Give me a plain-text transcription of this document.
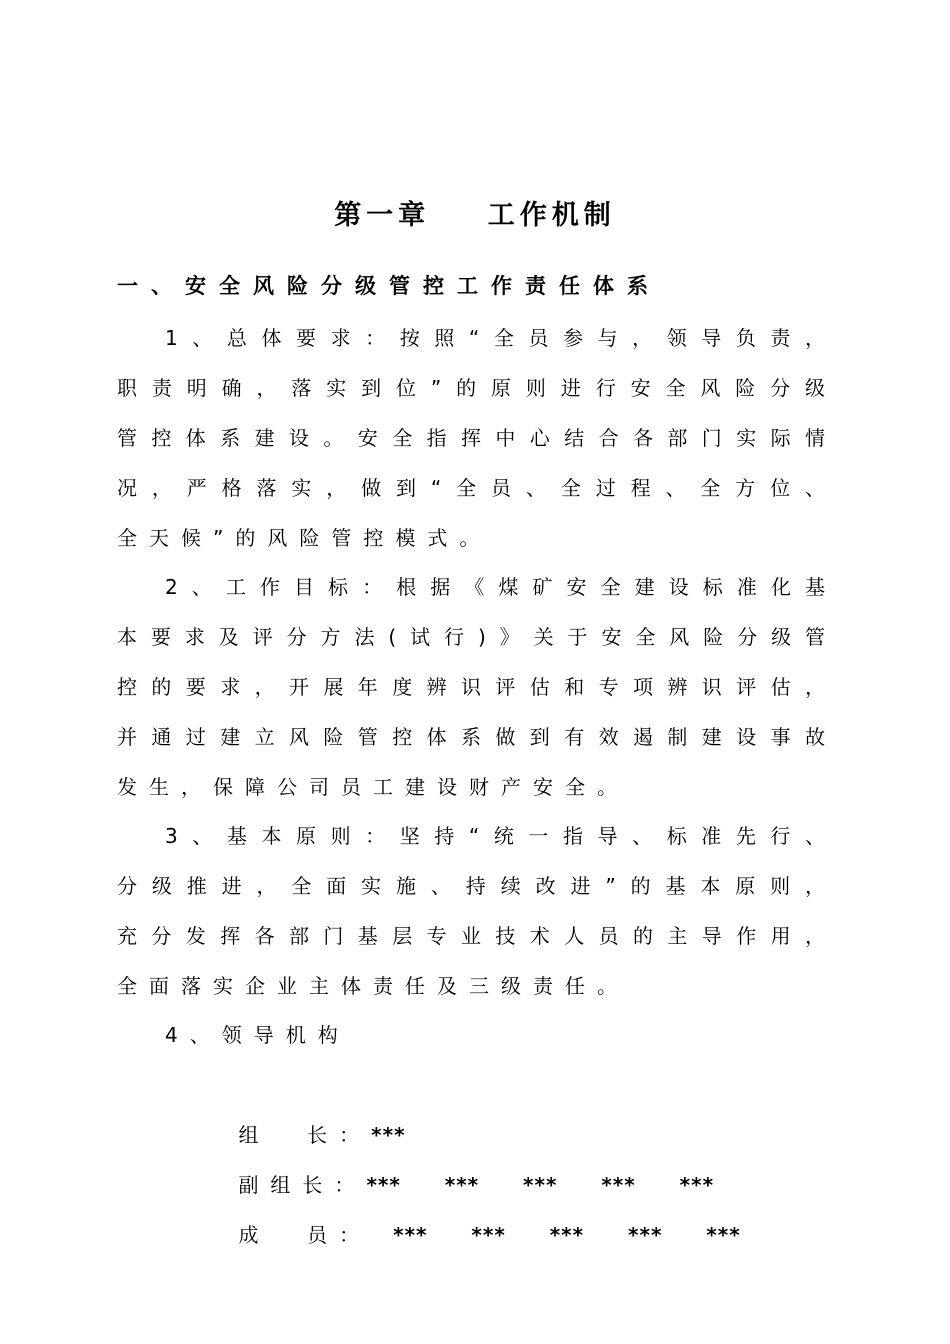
第一章    工作机制
一、安全风险分级管控工作责任体系
1、总体要求：按照“全员参与，领导负责，
职责明确，落实到位”的原则进行安全风险分级
管控体系建设。安全指挥中心结合各部门实际情
况，严格落实，做到“全员、全过程、全方位、
全天候”的风险管控模式。
2、工作目标：根据《煤矿安全建设标准化基
本要求及评分方法(试行)》关于安全风险分级管
控的要求，开展年度辨识评估和专项辨识评估，
并通过建立风险管控体系做到有效遏制建设事故
发生，保障公司员工建设财产安全。
3、基本原则：坚持“统一指导、标准先行、
分级推进，全面实施、持续改进”的基本原则，
充分发挥各部门基层专业技术人员的主导作用，
全面落实企业主体责任及三级责任。
4、领导机构

组  长：***

副组长：***  ***  ***  ***  ***

成  员： ***  ***  ***  ***  ***
